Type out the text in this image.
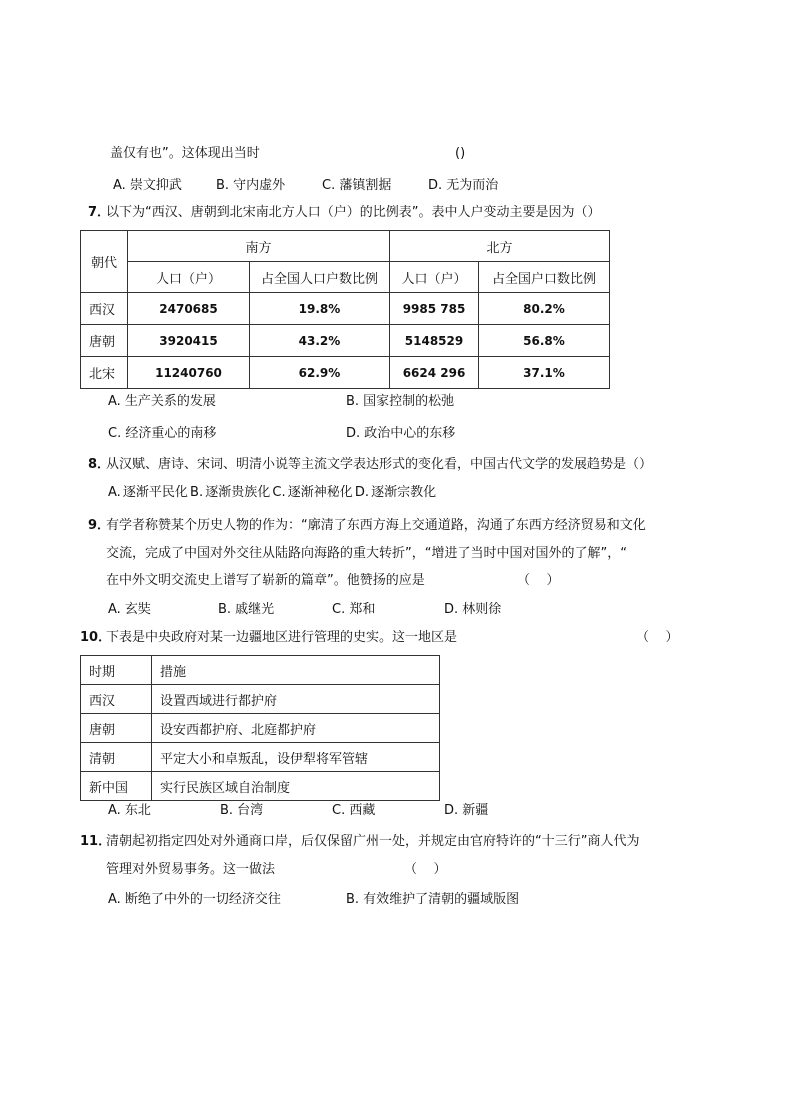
盖仅有也”。这体现出当时	()
A. 崇文抑武	B. 守内虚外	C. 藩镇割据	D. 无为而治
7．
以下为“西汉、唐朝到北宋南北方人口（户）的比例表”。表中人户变动主要是因为（）
朝代	南方		北方	
	人口（户）	占全国人口户数比例	人口（户）	占全国户口数比例
西汉	2470685	19.8%	9985 785	80.2%
唐朝	3920415	43.2%	5148529	56.8%
北宋	11240760	62.9%	6624 296	37.1%
A. 生产关系的发展	B. 国家控制的松弛
C. 经济重心的南移	D. 政治中心的东移
8．
从汉赋、唐诗、宋词、明清小说等主流文学表达形式的变化看，中国古代文学的发展趋势是（）
A. 逐渐平民化 B. 逐渐贵族化 C. 逐渐神秘化 D. 逐渐宗教化
9．
有学者称赞某个历史人物的作为：“廓清了东西方海上交通道路，沟通了东西方经济贸易和文化
交流，完成了中国对外交往从陆路向海路的重大转折”，“增进了当时中国对国外的了解”，“
在中外文明交流史上谱写了崭新的篇章”。他赞扬的应是	（    ）
A. 玄奘	B. 戚继光	C. 郑和	D. 林则徐
10．
下表是中央政府对某一边疆地区进行管理的史实。这一地区是	（    ）
时期	措施
西汉	设置西域进行都护府
唐朝	设安西都护府、北庭都护府
清朝	平定大小和卓叛乱，设伊犁将军管辖
新中国	实行民族区域自治制度
A. 东北	B. 台湾	C. 西藏	D. 新疆
11．
清朝起初指定四处对外通商口岸，后仅保留广州一处，并规定由官府特许的“十三行”商人代为
管理对外贸易事务。这一做法	（    ）
A. 断绝了中外的一切经济交往	B. 有效维护了清朝的疆域版图
